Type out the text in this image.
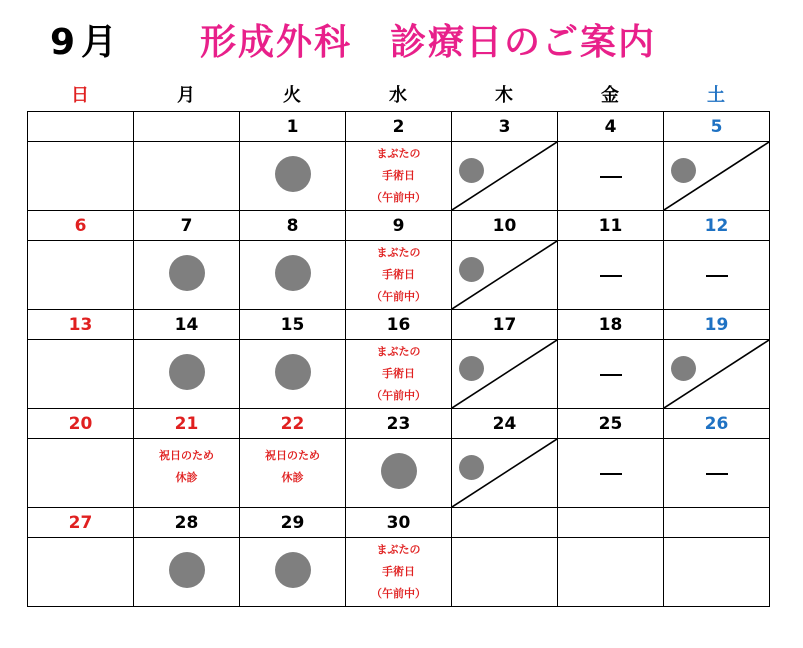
9月 形成外科　診療日のご案内
日	月	火	水	木	金	土
		1	2	3	4	5

			まぶたの
手術日
（午前中）

6	7	8	9	10	11	12

			まぶたの
手術日
（午前中）

13	14	15	16	17	18	19

			まぶたの
手術日
（午前中）

20	21	22	23	24	25	26

	祝日のため
休診	祝日のため
休診

27	28	29	30			

			まぶたの
手術日
（午前中）			
